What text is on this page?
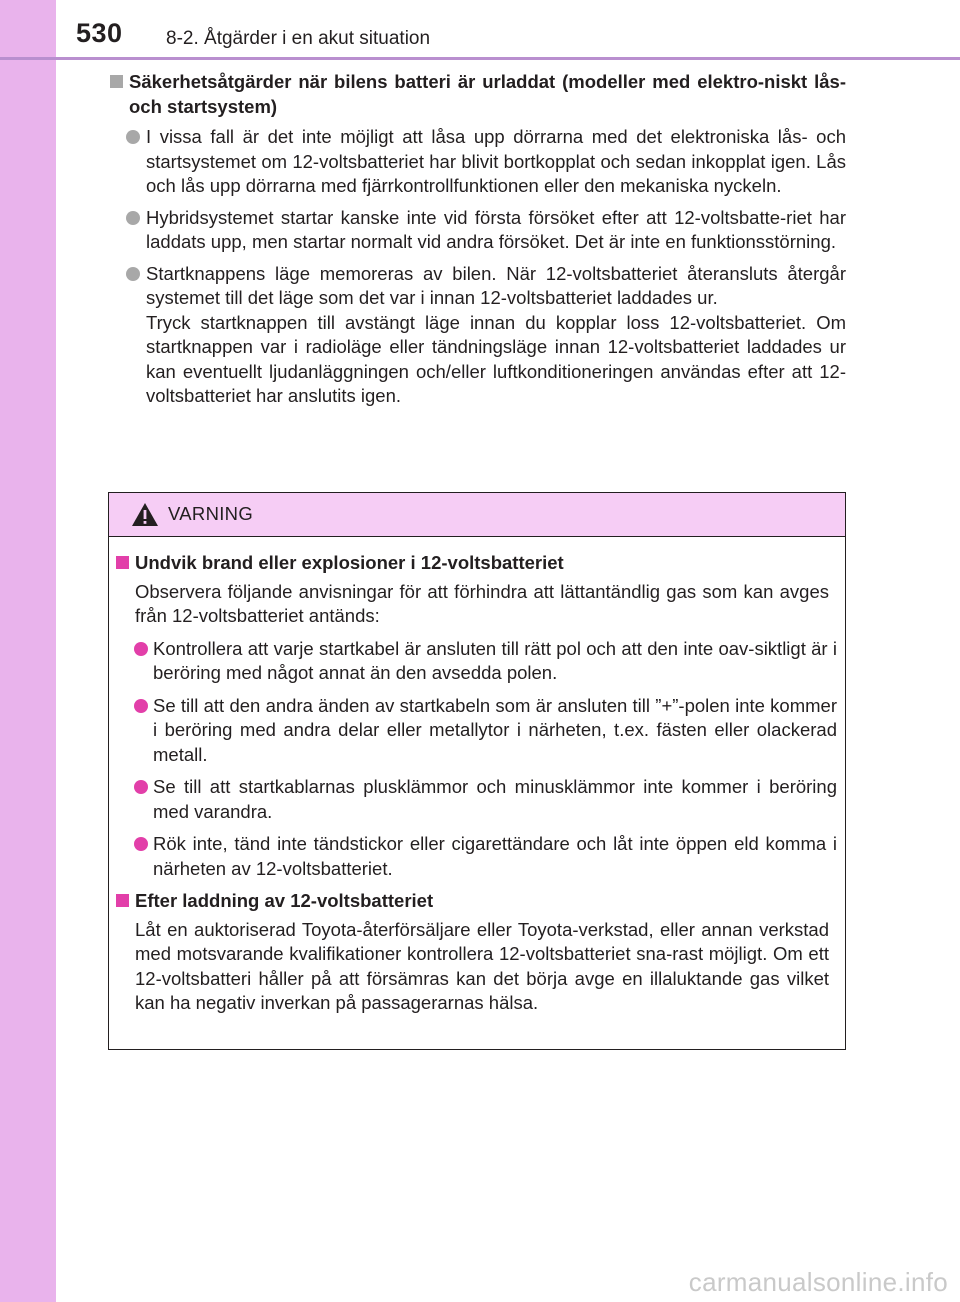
530 8-2. Åtgärder i en akut situation
Säkerhetsåtgärder när bilens batteri är urladdat (modeller med elektro-niskt lås- och startsystem)
I vissa fall är det inte möjligt att låsa upp dörrarna med det elektroniska lås- och startsystemet om 12-voltsbatteriet har blivit bortkopplat och sedan inkopplat igen. Lås och lås upp dörrarna med fjärrkontrollfunktionen eller den mekaniska nyckeln.
Hybridsystemet startar kanske inte vid första försöket efter att 12-voltsbatte-riet har laddats upp, men startar normalt vid andra försöket. Det är inte en funktionsstörning.
Startknappens läge memoreras av bilen. När 12-voltsbatteriet återansluts återgår systemet till det läge som det var i innan 12-voltsbatteriet laddades ur.
Tryck startknappen till avstängt läge innan du kopplar loss 12-voltsbatteriet. Om startknappen var i radioläge eller tändningsläge innan 12-voltsbatteriet laddades ur kan eventuellt ljudanläggningen och/eller luftkonditioneringen användas efter att 12-voltsbatteriet har anslutits igen.
VARNING
Undvik brand eller explosioner i 12-voltsbatteriet
Observera följande anvisningar för att förhindra att lättantändlig gas som kan avges från 12-voltsbatteriet antänds:
Kontrollera att varje startkabel är ansluten till rätt pol och att den inte oav-siktligt är i beröring med något annat än den avsedda polen.
Se till att den andra änden av startkabeln som är ansluten till ”+”-polen inte kommer i beröring med andra delar eller metallytor i närheten, t.ex. fästen eller olackerad metall.
Se till att startkablarnas plusklämmor och minusklämmor inte kommer i beröring med varandra.
Rök inte, tänd inte tändstickor eller cigarettändare och låt inte öppen eld komma i närheten av 12-voltsbatteriet.
Efter laddning av 12-voltsbatteriet
Låt en auktoriserad Toyota-återförsäljare eller Toyota-verkstad, eller annan verkstad med motsvarande kvalifikationer kontrollera 12-voltsbatteriet sna-rast möjligt. Om ett 12-voltsbatteri håller på att försämras kan det börja avge en illaluktande gas vilket kan ha negativ inverkan på passagerarnas hälsa.
carmanualsonline.info
